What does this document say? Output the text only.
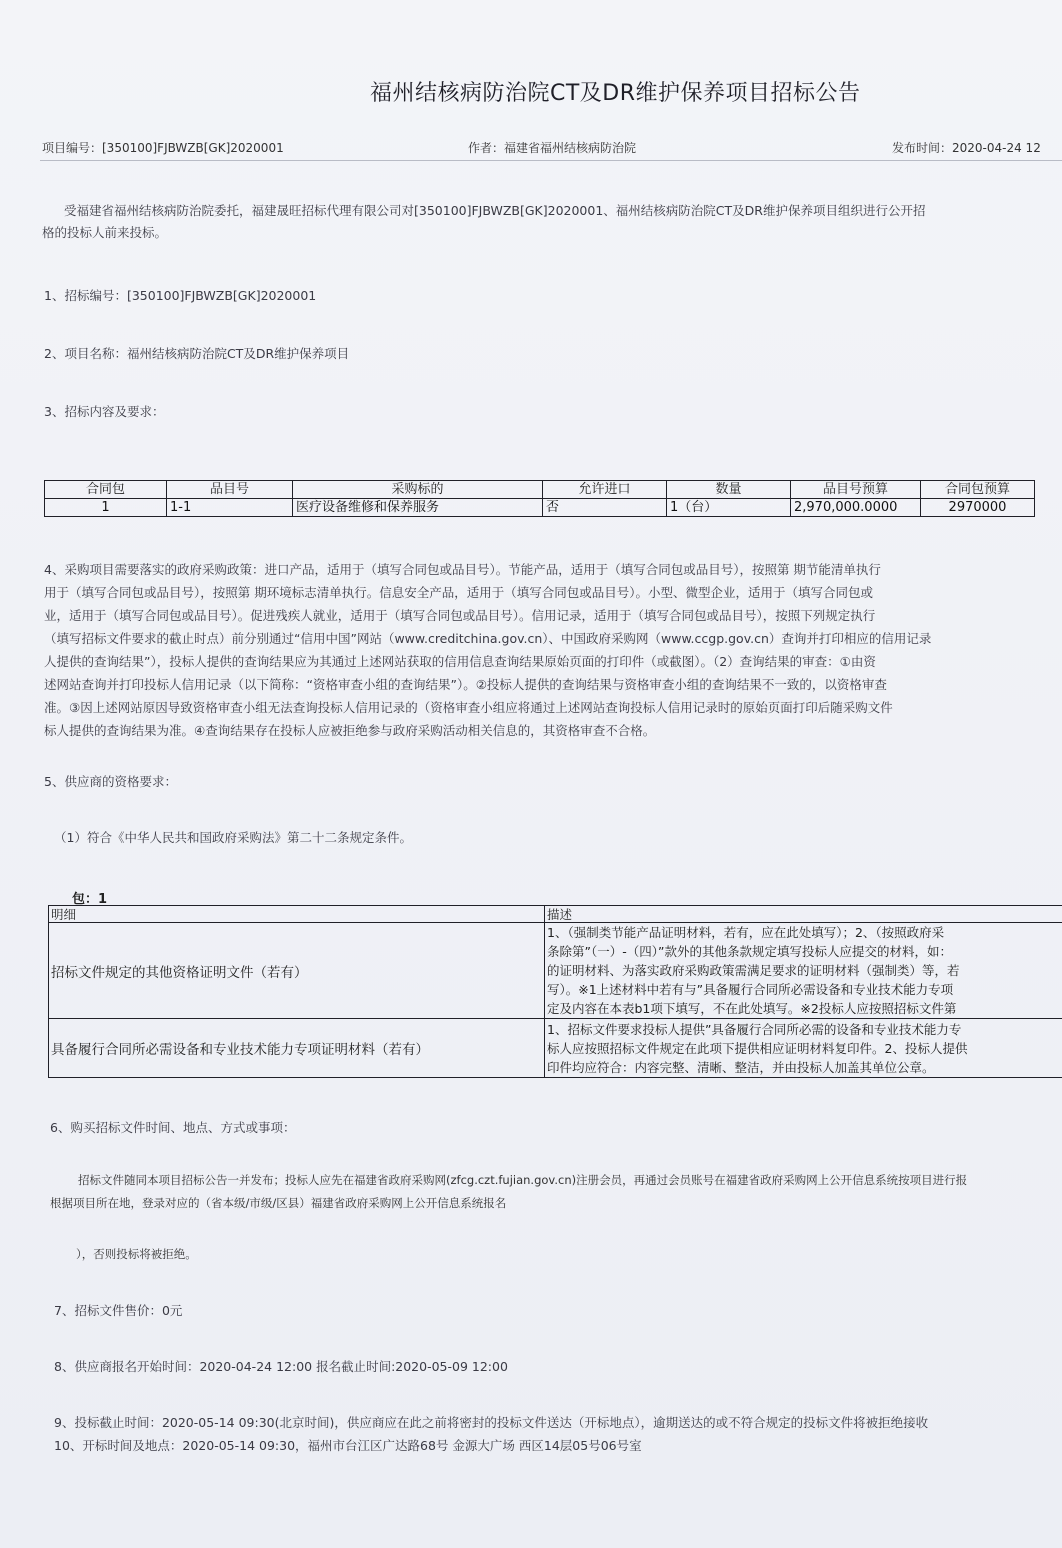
福州结核病防治院CT及DR维护保养项目招标公告
项目编号：[350100]FJBWZB[GK]2020001	作者：福建省福州结核病防治院	发布时间：2020-04-24 12
受福建省福州结核病防治院委托，福建晟旺招标代理有限公司对[350100]FJBWZB[GK]2020001、福州结核病防治院CT及DR维护保养项目组织进行公开招
格的投标人前来投标。
1、招标编号：[350100]FJBWZB[GK]2020001
2、项目名称：福州结核病防治院CT及DR维护保养项目
3、招标内容及要求：
合同包	品目号	采购标的	允许进口	数量	品目号预算	合同包预算
1	1-1	医疗设备维修和保养服务	否	1（台）	2,970,000.0000	2970000
4、采购项目需要落实的政府采购政策：进口产品，适用于（填写合同包或品目号）。节能产品，适用于（填写合同包或品目号），按照第 期节能清单执行
用于（填写合同包或品目号），按照第 期环境标志清单执行。信息安全产品，适用于（填写合同包或品目号）。小型、微型企业，适用于（填写合同包或
业，适用于（填写合同包或品目号）。促进残疾人就业，适用于（填写合同包或品目号）。信用记录，适用于（填写合同包或品目号），按照下列规定执行
（填写招标文件要求的截止时点）前分别通过“信用中国”网站（www.creditchina.gov.cn）、中国政府采购网（www.ccgp.gov.cn）查询并打印相应的信用记录
人提供的查询结果”），投标人提供的查询结果应为其通过上述网站获取的信用信息查询结果原始页面的打印件（或截图）。（2）查询结果的审查：①由资
述网站查询并打印投标人信用记录（以下简称：“资格审查小组的查询结果”）。②投标人提供的查询结果与资格审查小组的查询结果不一致的，以资格审查
准。③因上述网站原因导致资格审查小组无法查询投标人信用记录的（资格审查小组应将通过上述网站查询投标人信用记录时的原始页面打印后随采购文件
标人提供的查询结果为准。④查询结果存在投标人应被拒绝参与政府采购活动相关信息的，其资格审查不合格。
5、供应商的资格要求：
（1）符合《中华人民共和国政府采购法》第二十二条规定条件。
包：1
明细	描述
招标文件规定的其他资格证明文件（若有）	1、（强制类节能产品证明材料，若有，应在此处填写）；2、（按照政府采
条除第”（一）-（四）”款外的其他条款规定填写投标人应提交的材料，如：
的证明材料、为落实政府采购政策需满足要求的证明材料（强制类）等，若
写）。※1上述材料中若有与”具备履行合同所必需设备和专业技术能力专项
定及内容在本表b1项下填写，不在此处填写。※2投标人应按照招标文件第

具备履行合同所必需设备和专业技术能力专项证明材料（若有）	1、招标文件要求投标人提供”具备履行合同所必需的设备和专业技术能力专
标人应按照招标文件规定在此项下提供相应证明材料复印件。2、投标人提供
印件均应符合：内容完整、清晰、整洁，并由投标人加盖其单位公章。
6、购买招标文件时间、地点、方式或事项：
招标文件随同本项目招标公告一并发布；投标人应先在福建省政府采购网(zfcg.czt.fujian.gov.cn)注册会员，再通过会员账号在福建省政府采购网上公开信息系统按项目进行报
根据项目所在地，登录对应的（省本级/市级/区县）福建省政府采购网上公开信息系统报名
），否则投标将被拒绝。
7、招标文件售价：0元
8、供应商报名开始时间：2020-04-24 12:00 报名截止时间:2020-05-09 12:00
9、投标截止时间：2020-05-14 09:30(北京时间)，供应商应在此之前将密封的投标文件送达（开标地点），逾期送达的或不符合规定的投标文件将被拒绝接收
10、开标时间及地点：2020-05-14 09:30，福州市台江区广达路68号 金源大广场 西区14层05号06号室
